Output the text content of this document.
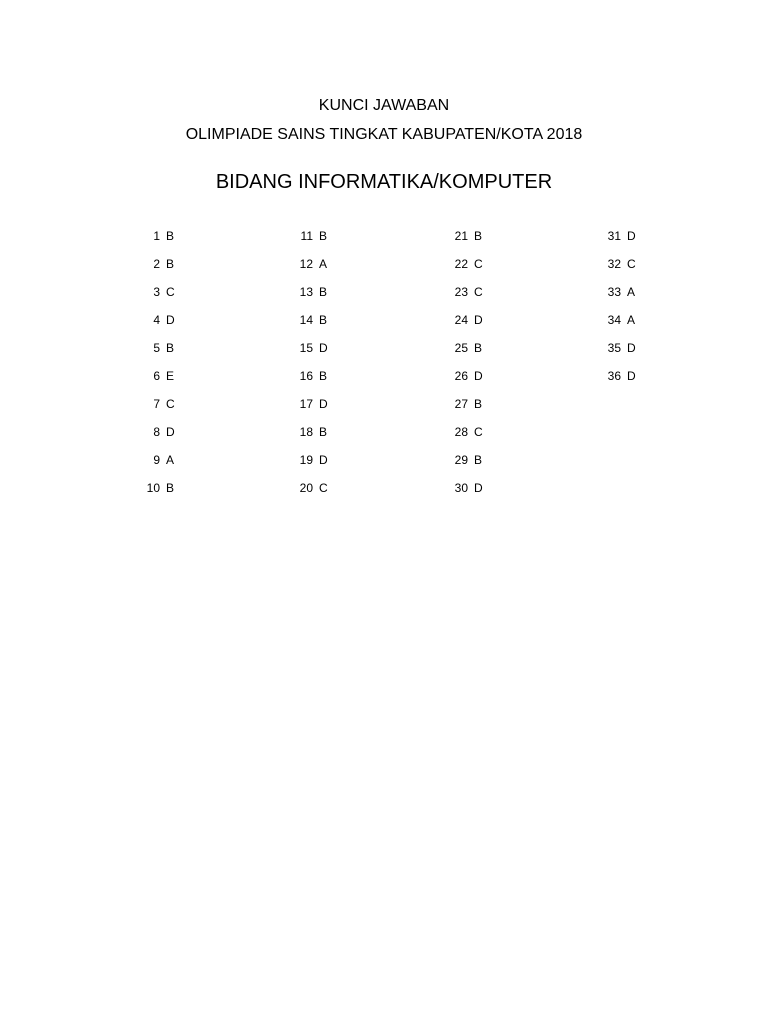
KUNCI JAWABAN
OLIMPIADE SAINS TINGKAT KABUPATEN/KOTA 2018
BIDANG INFORMATIKA/KOMPUTER
1 B
2 B
3 C
4 D
5 B
6 E
7 C
8 D
9 A
10 B
11 B
12 A
13 B
14 B
15 D
16 B
17 D
18 B
19 D
20 C
21 B
22 C
23 C
24 D
25 B
26 D
27 B
28 C
29 B
30 D
31 D
32 C
33 A
34 A
35 D
36 D
